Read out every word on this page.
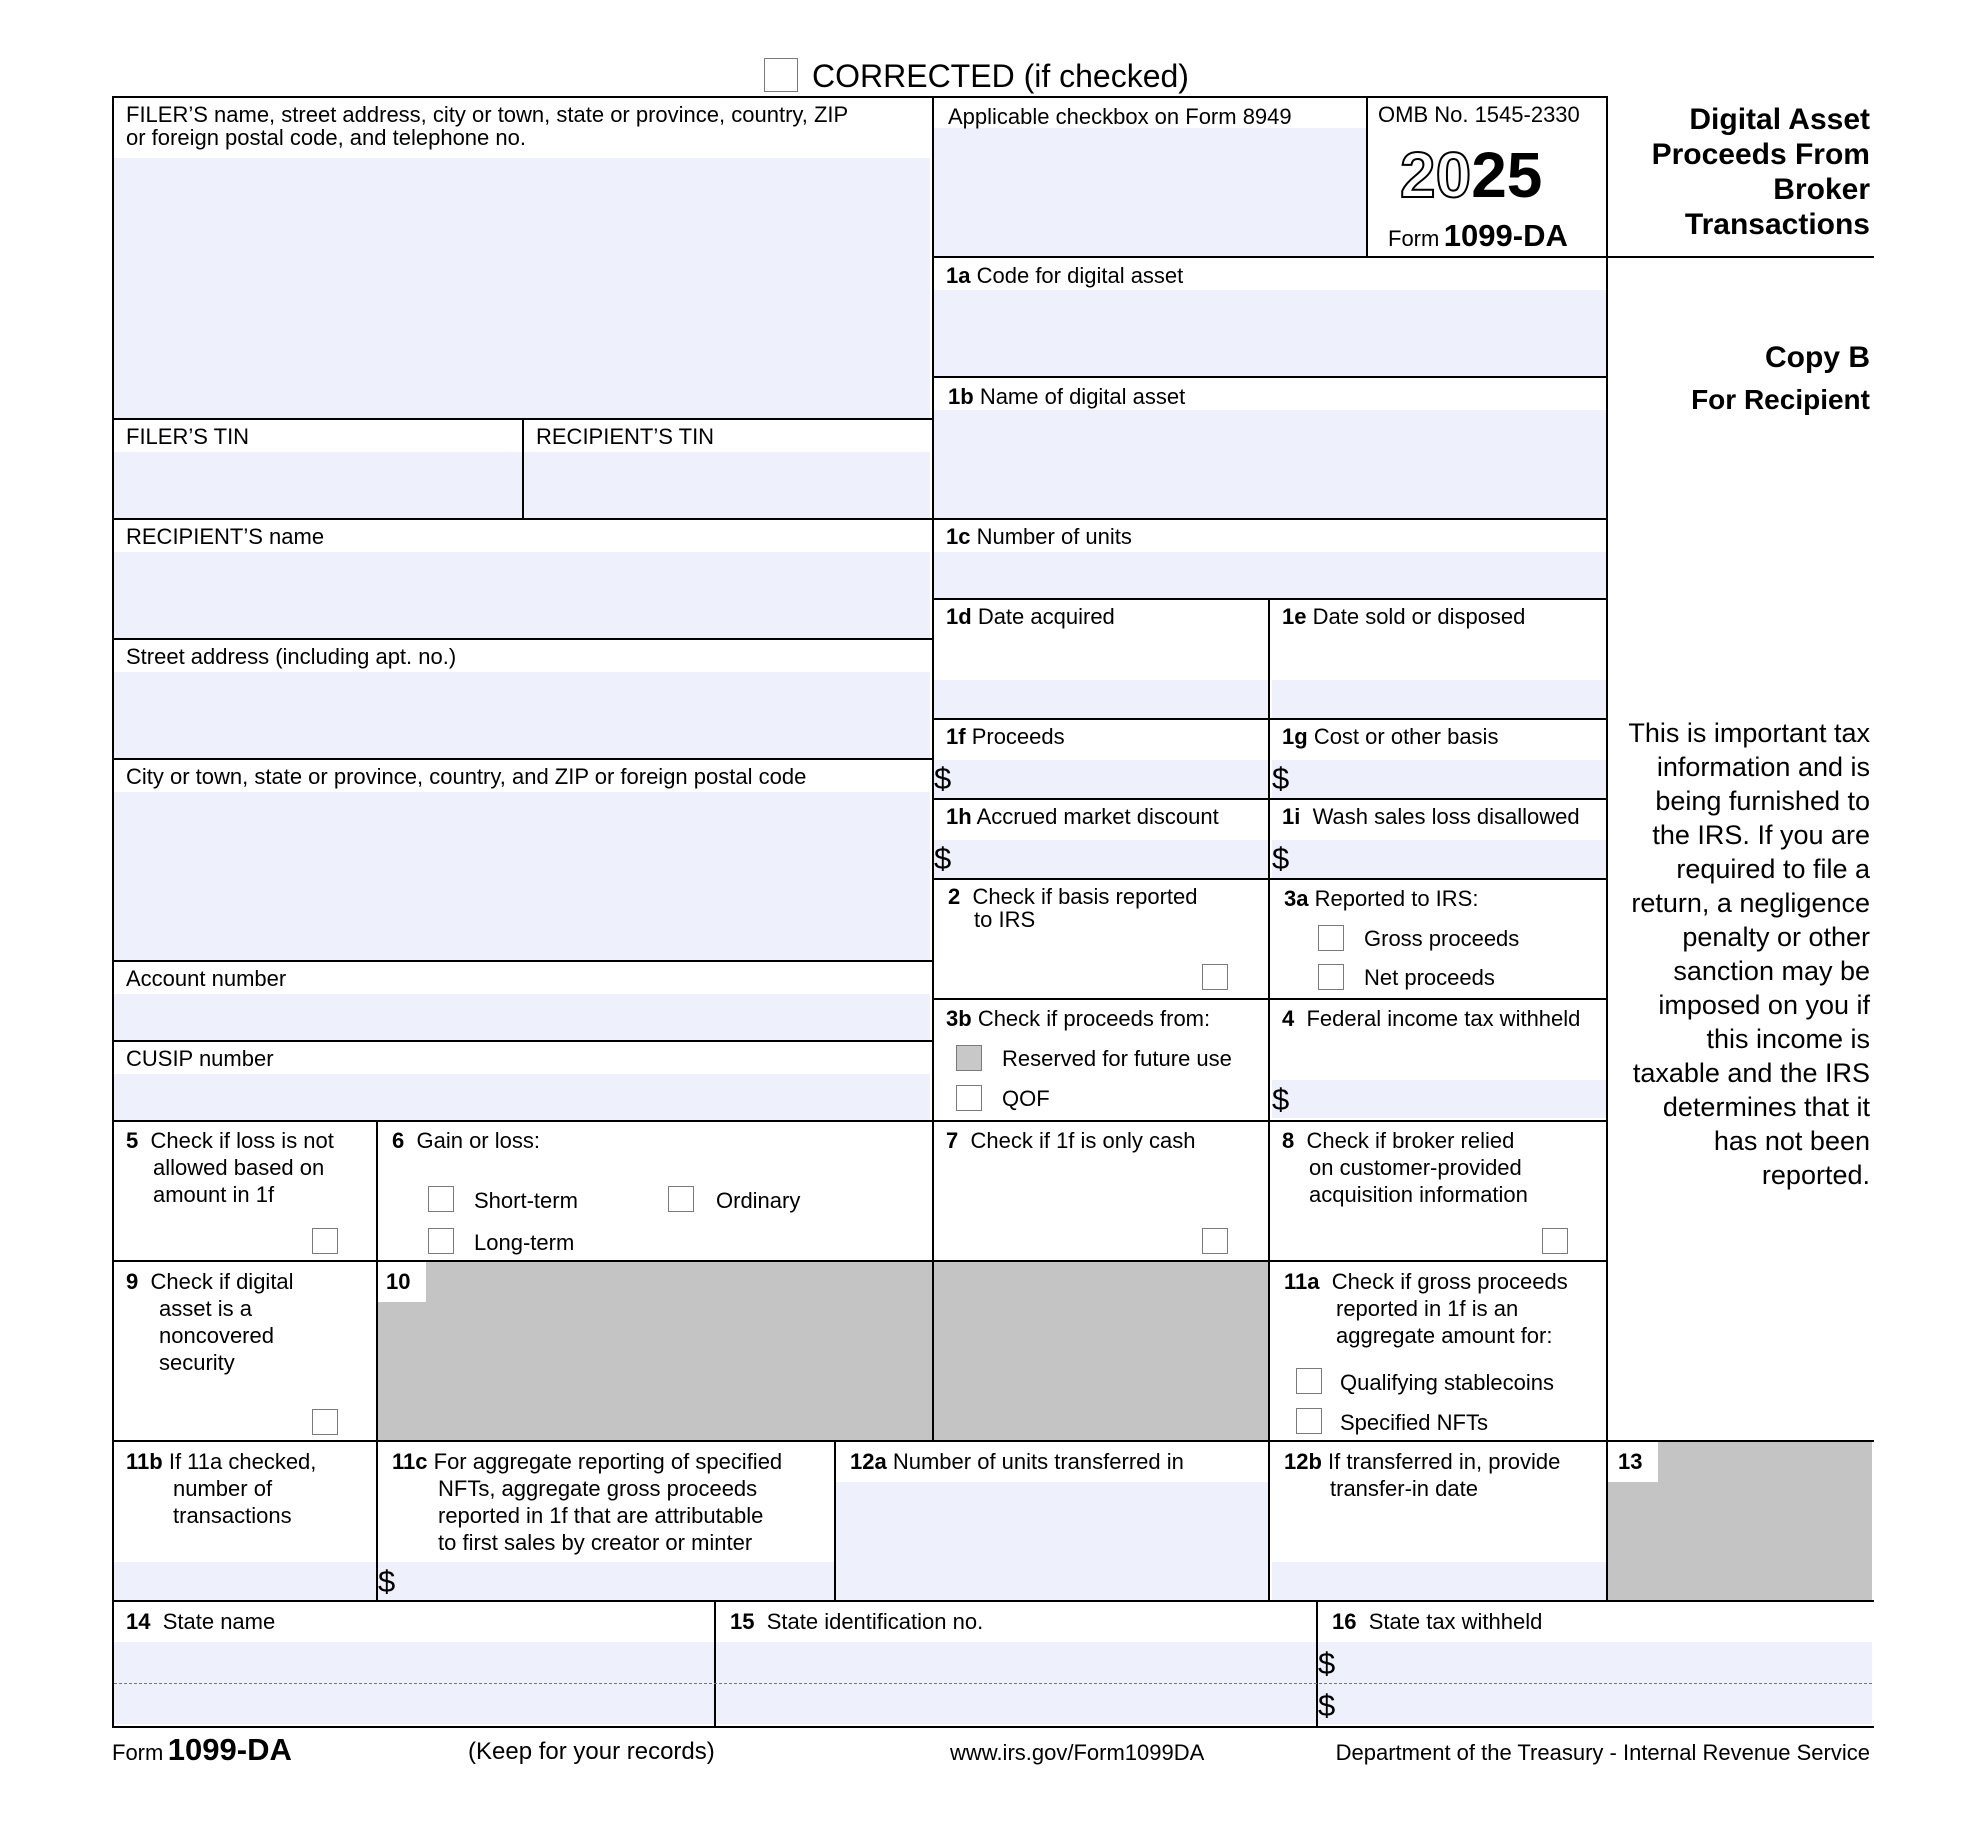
CORRECTED (if checked)
FILER’S name, street address, city or town, state or province, country, ZIP
or foreign postal code, and telephone no.
FILER’S TIN	RECIPIENT’S TIN
RECIPIENT’S name
Street address (including apt. no.)
City or town, state or province, country, and ZIP or foreign postal code
Account number
CUSIP number
Applicable checkbox on Form 8949	OMB No. 1545-2330
2025
Form 1099-DA
Digital Asset
Proceeds From
Broker
Transactions
Copy B
For Recipient
1a Code for digital asset
1b Name of digital asset
1c Number of units
1d Date acquired	1e Date sold or disposed
1f Proceeds	1g Cost or other basis
$	$
1h Accrued market discount	1i Wash sales loss disallowed
$	$
2 Check if basis reported
to IRS
3a Reported to IRS:
Gross proceeds
Net proceeds
3b Check if proceeds from:
Reserved for future use
QOF
4 Federal income tax withheld
$
5 Check if loss is not
allowed based on
amount in 1f
6 Gain or loss:
Short-term
Long-term
Ordinary
7 Check if 1f is only cash	8 Check if broker relied
on customer-provided
acquisition information
9 Check if digital
asset is a
noncovered
security
10	11a Check if gross proceeds
reported in 1f is an
aggregate amount for:
Qualifying stablecoins
Specified NFTs
11b If 11a checked,
number of
transactions
11c For aggregate reporting of specified
NFTs, aggregate gross proceeds
reported in 1f that are attributable
to first sales by creator or minter
$
12a Number of units transferred in	12b If transferred in, provide
transfer-in date
13
14 State name	15 State identification no.	16 State tax withheld
$
$
This is important tax
information and is
being furnished to
the IRS. If you are
required to file a
return, a negligence
penalty or other
sanction may be
imposed on you if
this income is
taxable and the IRS
determines that it
has not been
reported.
Form 1099-DA	(Keep for your records)	www.irs.gov/Form1099DA	Department of the Treasury - Internal Revenue Service
